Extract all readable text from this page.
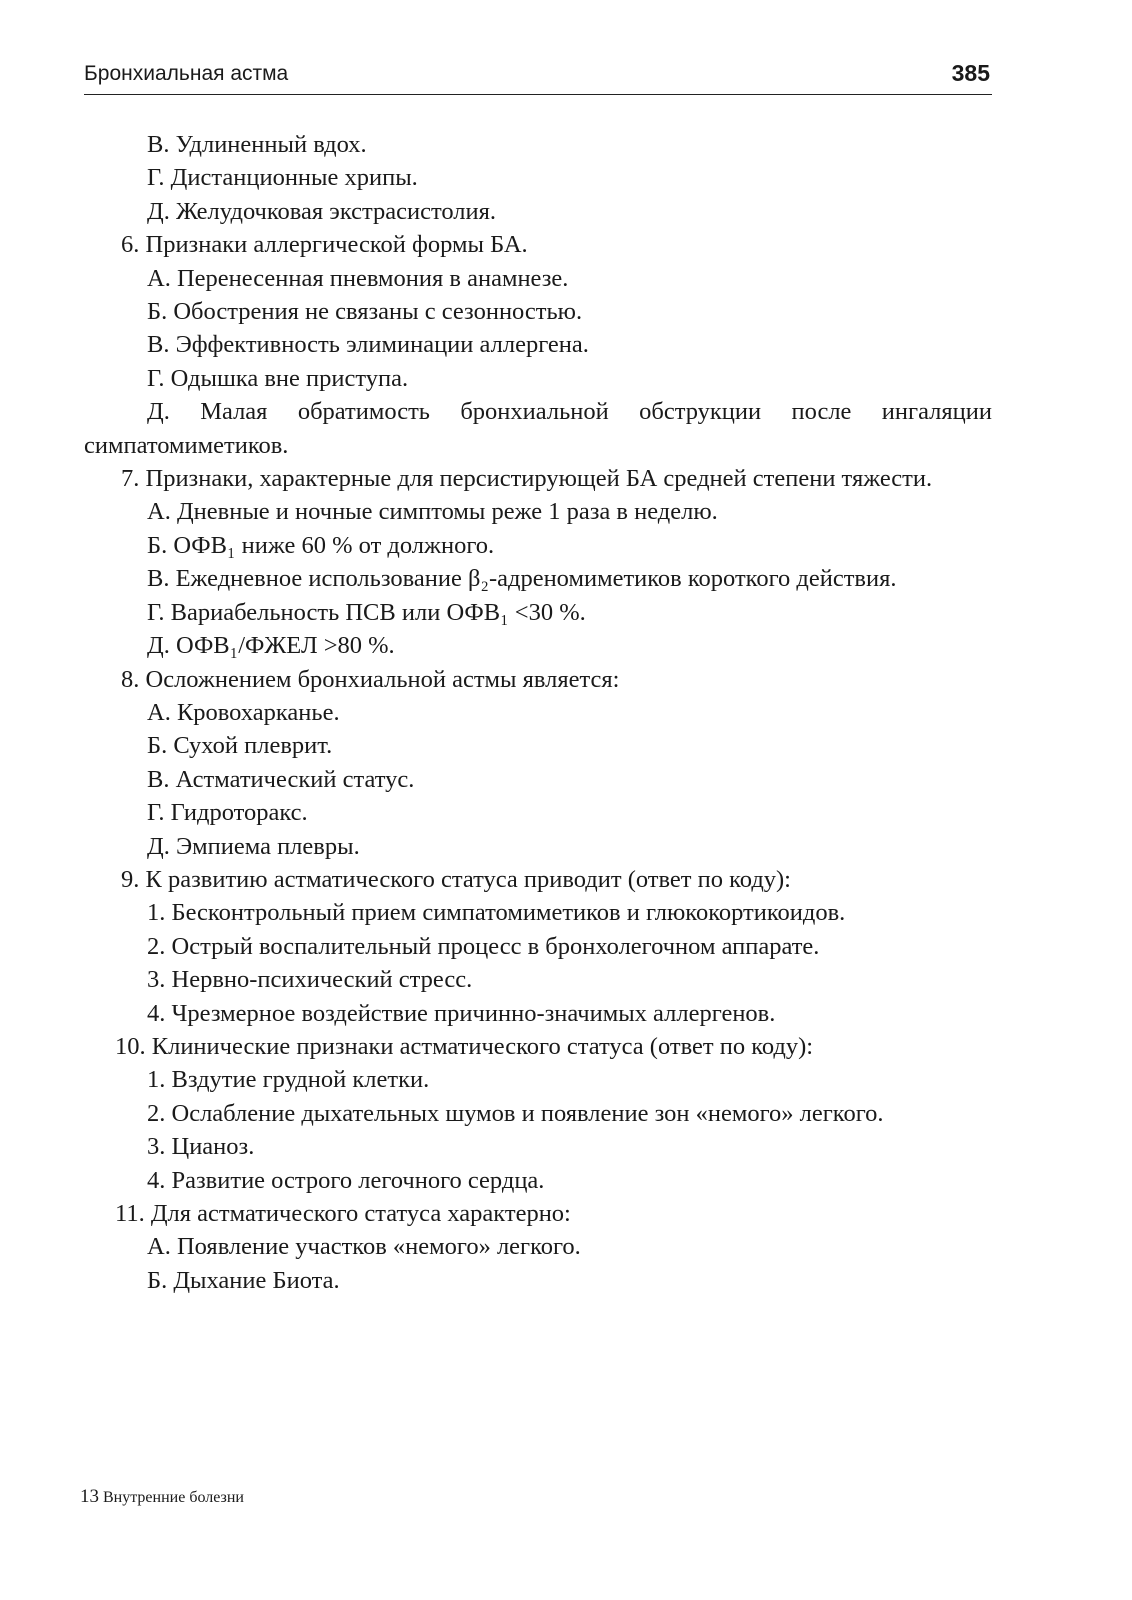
Бронхиальная астма	385

В. Удлиненный вдох.

Г. Дистанционные хрипы.

Д. Желудочковая экстрасистолия.

6. Признаки аллергической формы БА.

А. Перенесенная пневмония в анамнезе.

Б. Обострения не связаны с сезонностью.

В. Эффективность элиминации аллергена.

Г. Одышка вне приступа.

Д. Малая обратимость бронхиальной обструкции после ингаляции симпатомиметиков.

7. Признаки, характерные для персистирующей БА средней степени тяжести.

А. Дневные и ночные симптомы реже 1 раза в неделю.

Б. ОФВ₁ ниже 60 % от должного.

В. Ежедневное использование β₂-адреномиметиков короткого действия.

Г. Вариабельность ПСВ или ОФВ₁ <30 %.

Д. ОФВ₁/ФЖЕЛ >80 %.

8. Осложнением бронхиальной астмы является:

А. Кровохарканье.

Б. Сухой плеврит.

В. Астматический статус.

Г. Гидроторакс.

Д. Эмпиема плевры.

9. К развитию астматического статуса приводит (ответ по коду):

1. Бесконтрольный прием симпатомиметиков и глюкокортикоидов.

2. Острый воспалительный процесс в бронхолегочном аппарате.

3. Нервно-психический стресс.

4. Чрезмерное воздействие причинно-значимых аллергенов.

10. Клинические признаки астматического статуса (ответ по коду):

1. Вздутие грудной клетки.

2. Ослабление дыхательных шумов и появление зон «немого» легкого.

3. Цианоз.

4. Развитие острого легочного сердца.

11. Для астматического статуса характерно:

А. Появление участков «немого» легкого.

Б. Дыхание Биота.

13 Внутренние болезни
